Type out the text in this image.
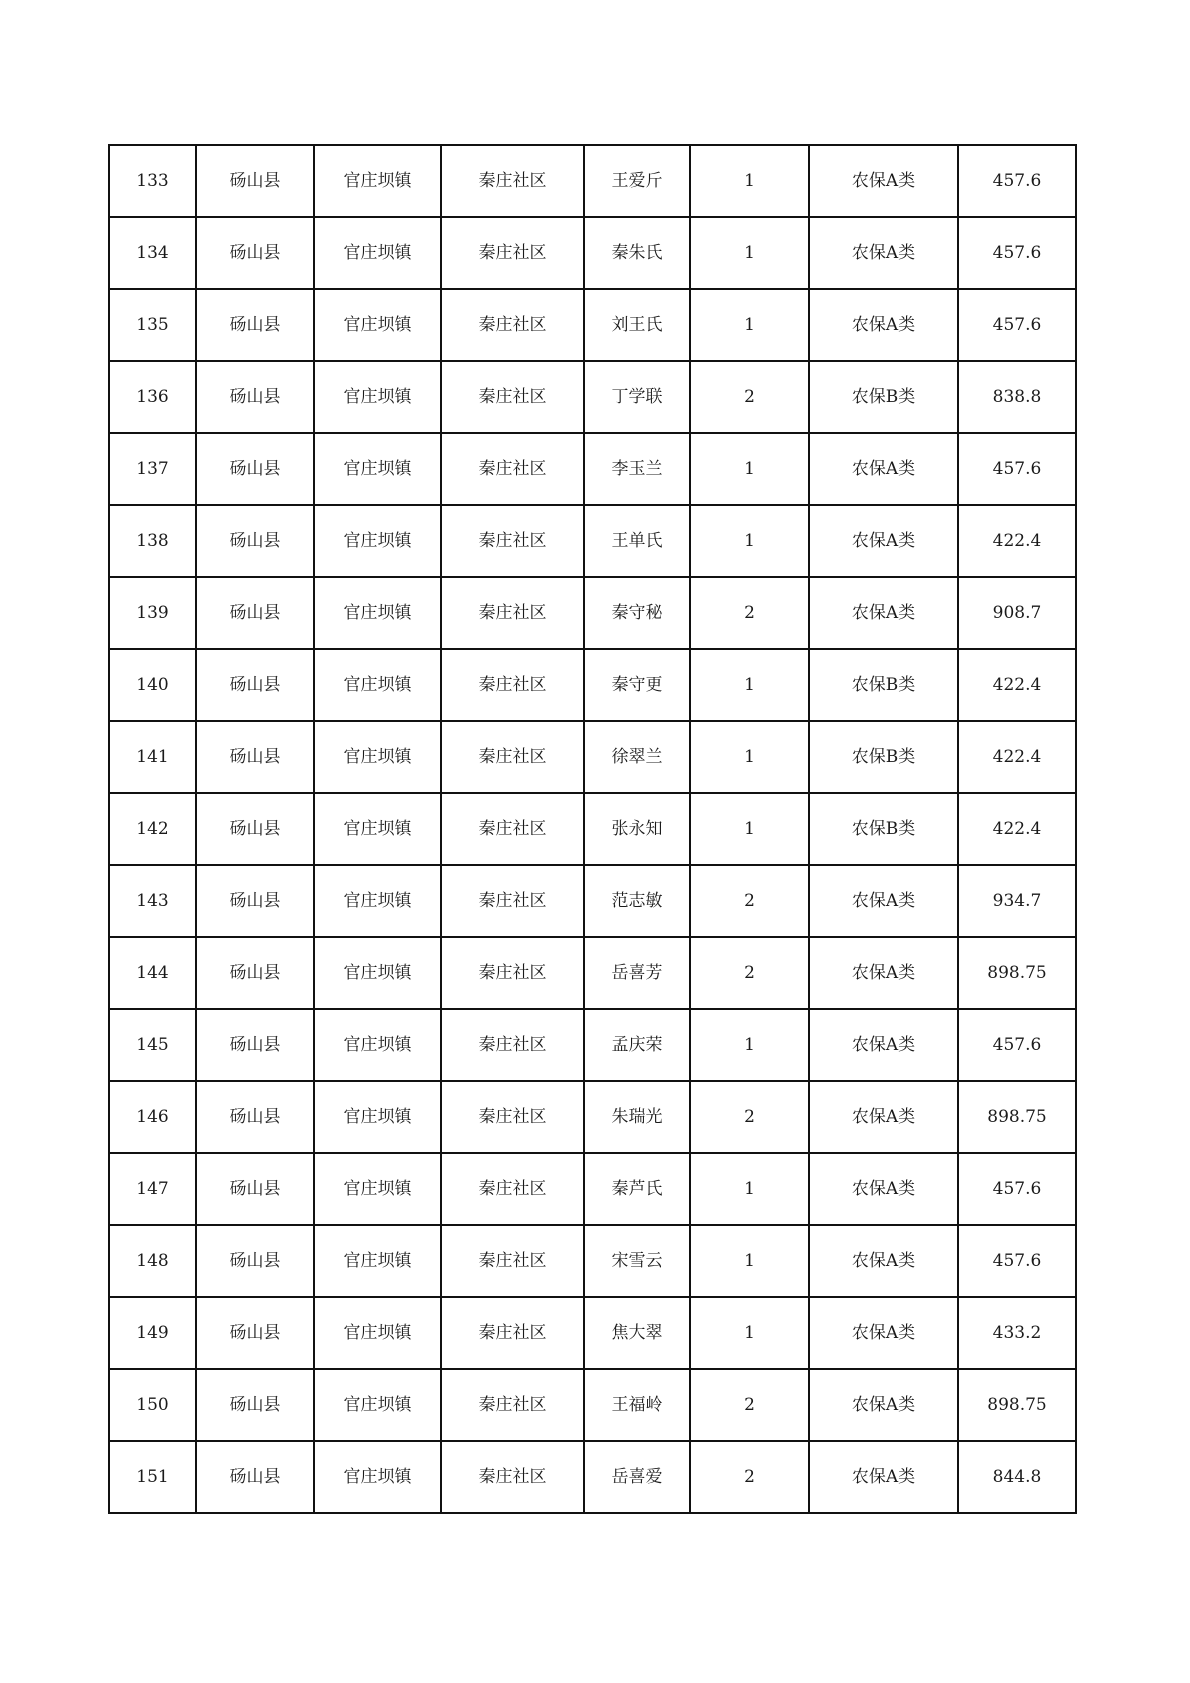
133	砀山县	官庄坝镇	秦庄社区	王爱斤	1	农保A类	457.6
134	砀山县	官庄坝镇	秦庄社区	秦朱氏	1	农保A类	457.6
135	砀山县	官庄坝镇	秦庄社区	刘王氏	1	农保A类	457.6
136	砀山县	官庄坝镇	秦庄社区	丁学联	2	农保B类	838.8
137	砀山县	官庄坝镇	秦庄社区	李玉兰	1	农保A类	457.6
138	砀山县	官庄坝镇	秦庄社区	王单氏	1	农保A类	422.4
139	砀山县	官庄坝镇	秦庄社区	秦守秘	2	农保A类	908.7
140	砀山县	官庄坝镇	秦庄社区	秦守更	1	农保B类	422.4
141	砀山县	官庄坝镇	秦庄社区	徐翠兰	1	农保B类	422.4
142	砀山县	官庄坝镇	秦庄社区	张永知	1	农保B类	422.4
143	砀山县	官庄坝镇	秦庄社区	范志敏	2	农保A类	934.7
144	砀山县	官庄坝镇	秦庄社区	岳喜芳	2	农保A类	898.75
145	砀山县	官庄坝镇	秦庄社区	孟庆荣	1	农保A类	457.6
146	砀山县	官庄坝镇	秦庄社区	朱瑞光	2	农保A类	898.75
147	砀山县	官庄坝镇	秦庄社区	秦芦氏	1	农保A类	457.6
148	砀山县	官庄坝镇	秦庄社区	宋雪云	1	农保A类	457.6
149	砀山县	官庄坝镇	秦庄社区	焦大翠	1	农保A类	433.2
150	砀山县	官庄坝镇	秦庄社区	王福岭	2	农保A类	898.75
151	砀山县	官庄坝镇	秦庄社区	岳喜爱	2	农保A类	844.8
